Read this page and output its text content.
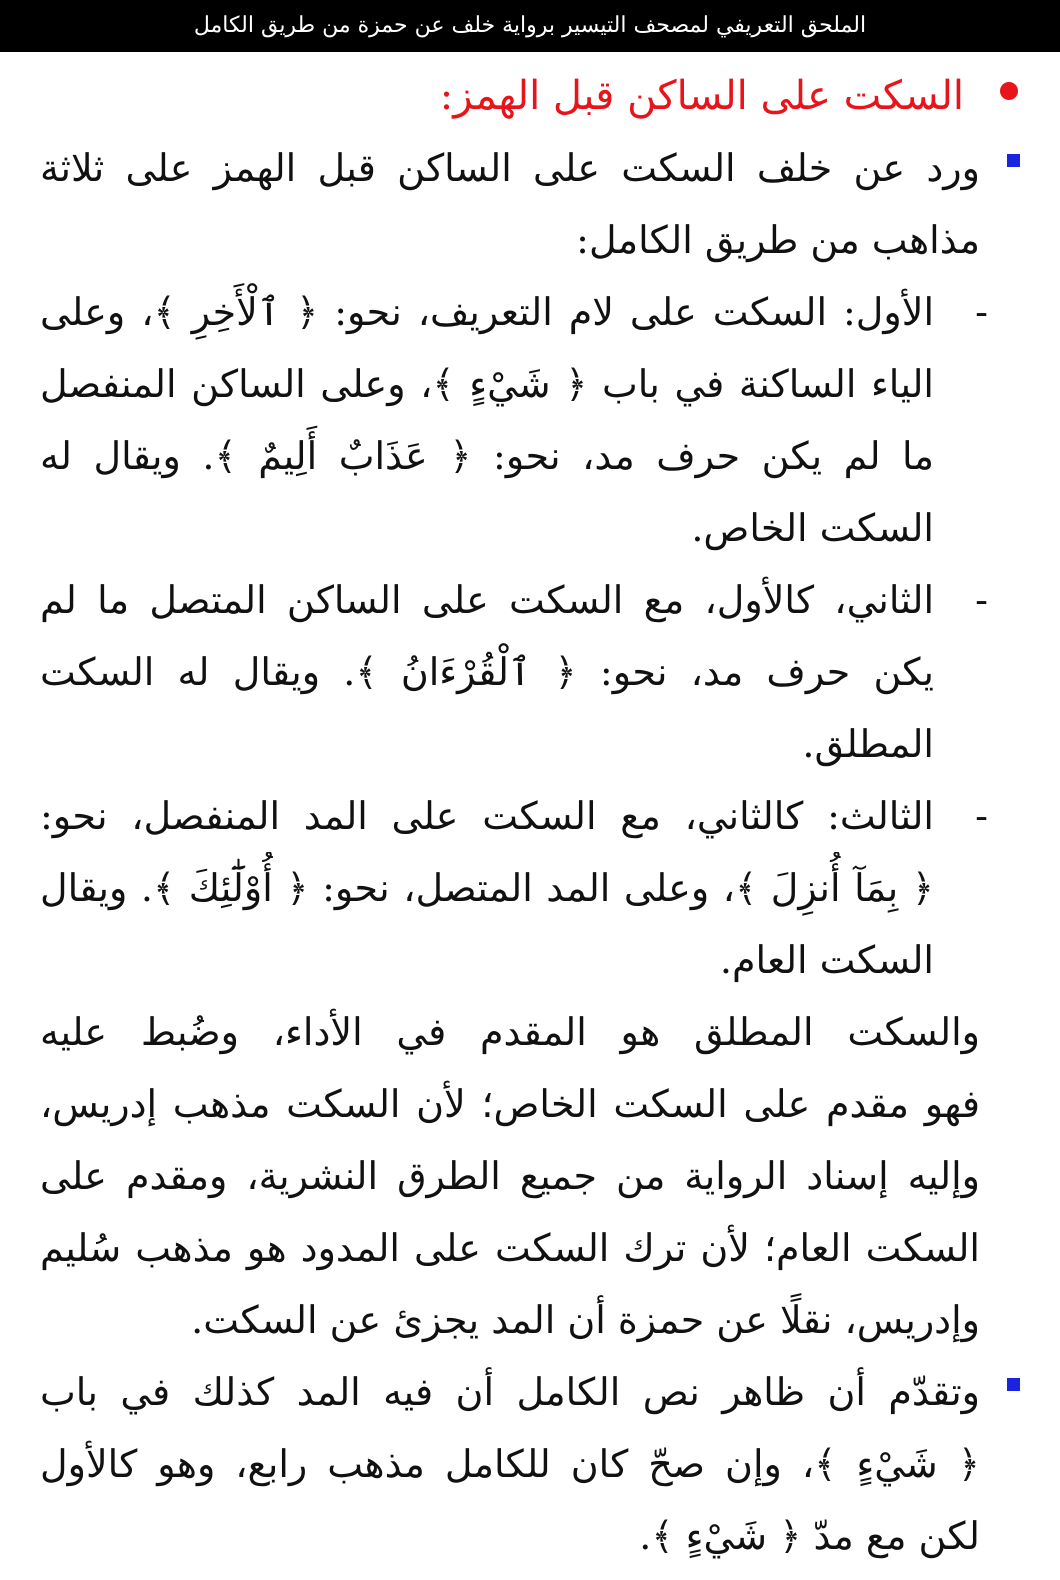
الملحق التعريفي لمصحف التيسير برواية خلف عن حمزة من طريق الكامل
السكت على الساكن قبل الهمز:
ورد عن خلف السكت على الساكن قبل الهمز على ثلاثة
مذاهب من طريق الكامل:
-
الأول: السكت على لام التعريف، نحو: ﴿ ٱلْأَخِرِ ﴾، وعلى
الياء الساكنة في باب ﴿ شَيْءٍ ﴾، وعلى الساكن المنفصل
ما لم يكن حرف مد، نحو: ﴿ عَذَابٌ أَلِيمٌ ﴾. ويقال له
السكت الخاص.
-
الثاني، كالأول، مع السكت على الساكن المتصل ما لم
يكن حرف مد، نحو: ﴿ ٱلْقُرْءَانُ ﴾. ويقال له السكت
المطلق.
-
الثالث: كالثاني، مع السكت على المد المنفصل، نحو:
﴿ بِمَآ أُنزِلَ ﴾، وعلى المد المتصل، نحو: ﴿ أُوْلَٰٓئِكَ ﴾. ويقال
السكت العام.
والسكت المطلق هو المقدم في الأداء، وضُبط عليه
فهو مقدم على السكت الخاص؛ لأن السكت مذهب إدريس،
وإليه إسناد الرواية من جميع الطرق النشرية، ومقدم على
السكت العام؛ لأن ترك السكت على المدود هو مذهب سُليم
وإدريس، نقلًا عن حمزة أن المد يجزئ عن السكت.
وتقدّم أن ظاهر نص الكامل أن فيه المد كذلك في باب
﴿ شَيْءٍ ﴾، وإن صحّ كان للكامل مذهب رابع، وهو كالأول
لكن مع مدّ ﴿ شَيْءٍ ﴾.
